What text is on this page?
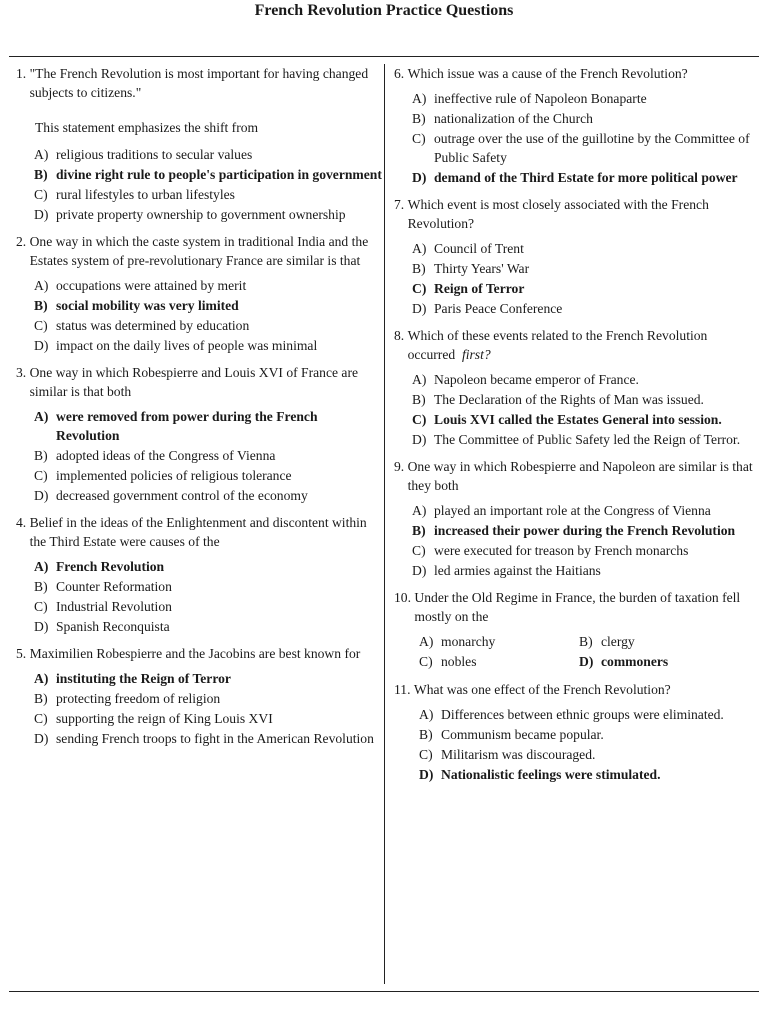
French Revolution Practice Questions
1.
"The French Revolution is most important for having changed subjects to citizens."
This statement emphasizes the shift from
A) religious traditions to secular values
B) divine right rule to people's participation in government
C) rural lifestyles to urban lifestyles
D) private property ownership to government ownership
2.
One way in which the caste system in traditional India and the Estates system of pre-revolutionary France are similar is that
A) occupations were attained by merit
B) social mobility was very limited
C) status was determined by education
D) impact on the daily lives of people was minimal
3.
One way in which Robespierre and Louis XVI of France are similar is that both
A) were removed from power during the French Revolution
B) adopted ideas of the Congress of Vienna
C) implemented policies of religious tolerance
D) decreased government control of the economy
4.
Belief in the ideas of the Enlightenment and discontent within the Third Estate were causes of the
A) French Revolution
B) Counter Reformation
C) Industrial Revolution
D) Spanish Reconquista
5.
Maximilien Robespierre and the Jacobins are best known for
A) instituting the Reign of Terror
B) protecting freedom of religion
C) supporting the reign of King Louis XVI
D) sending French troops to fight in the American Revolution
6.
Which issue was a cause of the French Revolution?
A) ineffective rule of Napoleon Bonaparte
B) nationalization of the Church
C) outrage over the use of the guillotine by the Committee of Public Safety
D) demand of the Third Estate for more political power
7.
Which event is most closely associated with the French Revolution?
A) Council of Trent
B) Thirty Years' War
C) Reign of Terror
D) Paris Peace Conference
8.
Which of these events related to the French Revolution occurred first?
A) Napoleon became emperor of France.
B) The Declaration of the Rights of Man was issued.
C) Louis XVI called the Estates General into session.
D) The Committee of Public Safety led the Reign of Terror.
9.
One way in which Robespierre and Napoleon are similar is that they both
A) played an important role at the Congress of Vienna
B) increased their power during the French Revolution
C) were executed for treason by French monarchs
D) led armies against the Haitians
10.
Under the Old Regime in France, the burden of taxation fell mostly on the
A) monarchy	B) clergy
C) nobles	D) commoners
11.
What was one effect of the French Revolution?
A) Differences between ethnic groups were eliminated.
B) Communism became popular.
C) Militarism was discouraged.
D) Nationalistic feelings were stimulated.
